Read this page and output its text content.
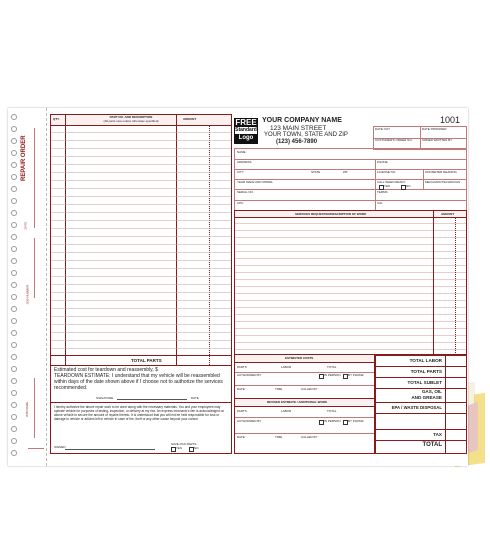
REPAIR ORDER
DATE
JOB NUMBER
JOB NAME
QTY.	PART NO. AND DESCRIPTION
(All parts new unless otherwise specified)	AMOUNT
TOTAL PARTS
Estimated cost for teardown and reassembly, $
TEARDOWN ESTIMATE: I understand that my vehicle will be reassembled within days of the date shown above if I choose not to authorize the services recommended.
SIGNATURE	DATE
I hereby authorize the above repair work to be done along with the necessary materials. You and your employees may operate vehicle for purposes of testing, inspection, or delivery at my risk. An express mechanic's lien is acknowledged on above vehicle to secure the amount of repairs thereto. It is understood that you will not be held responsible for loss or damage to vehicle or articles left in vehicle in case of fire, theft or any other cause beyond your control.
SIGNED
SAVE OLD PARTS
YES	NO
FREE
Standard
Logo
YOUR COMPANY NAME
123 MAIN STREET
YOUR TOWN, STATE AND ZIP
(123) 456-7890
1001
DATE OUT	DATE PROMISED
CUSTOMER'S ORDER NO.	ORDER WRITTEN BY
NAME
ADDRESS	PHONE
CITY	STATE	ZIP
YEAR MAKE AND MODEL
LICENSE NO.	ODOMETER READING
CALL WHEN READY
YES	NO
MECHANIC/TECHNICIAN
SERIAL NO.	TERMS
CPU	CAL
SERVICES REQUESTED/DESCRIPTION OF WORK	AMOUNT
ESTIMATED COSTS
PARTS	LABOR	TOTAL
AUTHORIZED BY	IN PERSON BY PHONE
DATE	TIME	CALLED BY
REVISED ESTIMATE / ADDITIONAL WORK
PARTS	LABOR	TOTAL
AUTHORIZED BY	IN PERSON BY PHONE
DATE	TIME	CALLED BY
TOTAL LABOR
TOTAL PARTS
TOTAL SUBLET
GAS, OIL
AND GREASE
EPA / WASTE DISPOSAL
TAX
TOTAL
